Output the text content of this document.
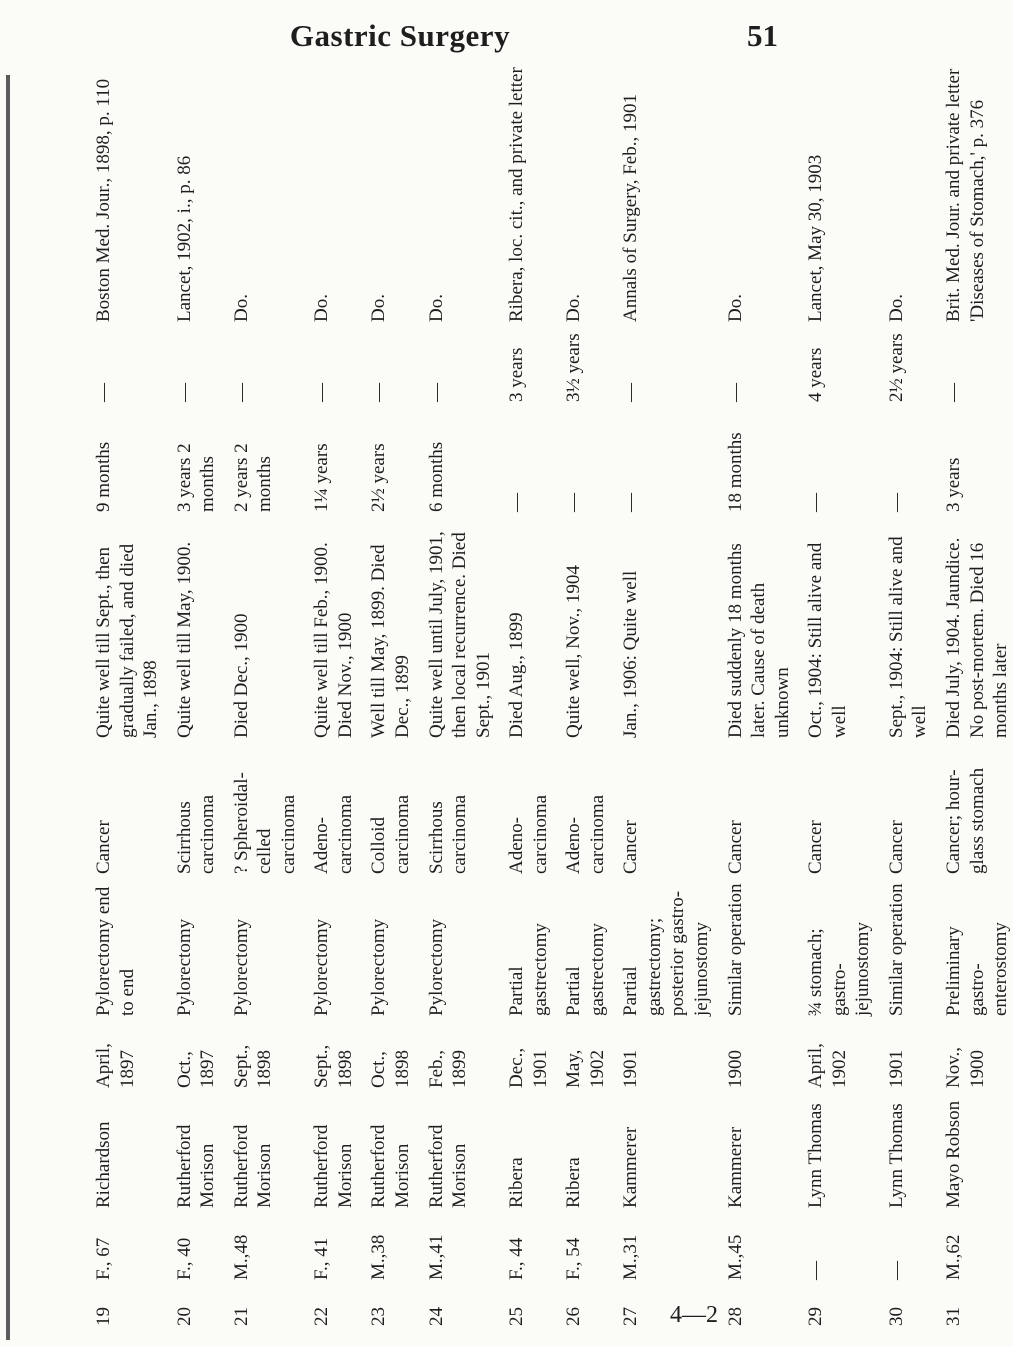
Gastric Surgery	51
19	F., 67	Richardson	April, 1897	Pylorectomy end to end	Cancer	Quite well till Sept., then gradually failed, and died Jan., 1898	9 months	—	Boston Med. Jour., 1898, p. 110
20	F., 40	Rutherford Morison	Oct., 1897	Pylorectomy	Scirrhous carcinoma	Quite well till May, 1900.	3 years 2 months	—	Lancet, 1902, i., p. 86
21	M.,48	Rutherford Morison	Sept., 1898	Pylorectomy	? Spheroidal-celled carcinoma	Died Dec., 1900	2 years 2 months	—	Do.
22	F., 41	Rutherford Morison	Sept., 1898	Pylorectomy	Adeno-carcinoma	Quite well till Feb., 1900. Died Nov., 1900	1¼ years	—	Do.
23	M.,38	Rutherford Morison	Oct., 1898	Pylorectomy	Colloid carcinoma	Well till May, 1899. Died Dec., 1899	2½ years	—	Do.
24	M.,41	Rutherford Morison	Feb., 1899	Pylorectomy	Scirrhous carcinoma	Quite well until July, 1901, then local recurrence. Died Sept., 1901	6 months	—	Do.
25	F., 44	Ribera	Dec., 1901	Partial gastrectomy	Adeno-carcinoma	Died Aug., 1899	—	3 years	Ribera, loc. cit., and private letter
26	F., 54	Ribera	May, 1902	Partial gastrectomy	Adeno-carcinoma	Quite well, Nov., 1904	—	3½ years	Do.
27	M.,31	Kammerer	1901	Partial gastrectomy; posterior gastro-jejunostomy	Cancer	Jan., 1906: Quite well	—	—	Annals of Surgery, Feb., 1901
28	M.,45	Kammerer	1900	Similar operation	Cancer	Died suddenly 18 months later. Cause of death unknown	18 months	—	Do.
29	—	Lynn Thomas	April, 1902	¾ stomach; gastro-jejunostomy	Cancer	Oct., 1904: Still alive and well	—	4 years	Lancet, May 30, 1903
30	—	Lynn Thomas	1901	Similar operation	Cancer	Sept., 1904: Still alive and well	—	2½ years	Do.
31	M.,62	Mayo Robson	Nov., 1900	Preliminary gastro-enterostomy	Cancer; hour-glass stomach	Died July, 1904. Jaundice. No post-mortem. Died 16 months later	3 years	—	Brit. Med. Jour. and private letter 'Diseases of Stomach,' p. 376
4—2
